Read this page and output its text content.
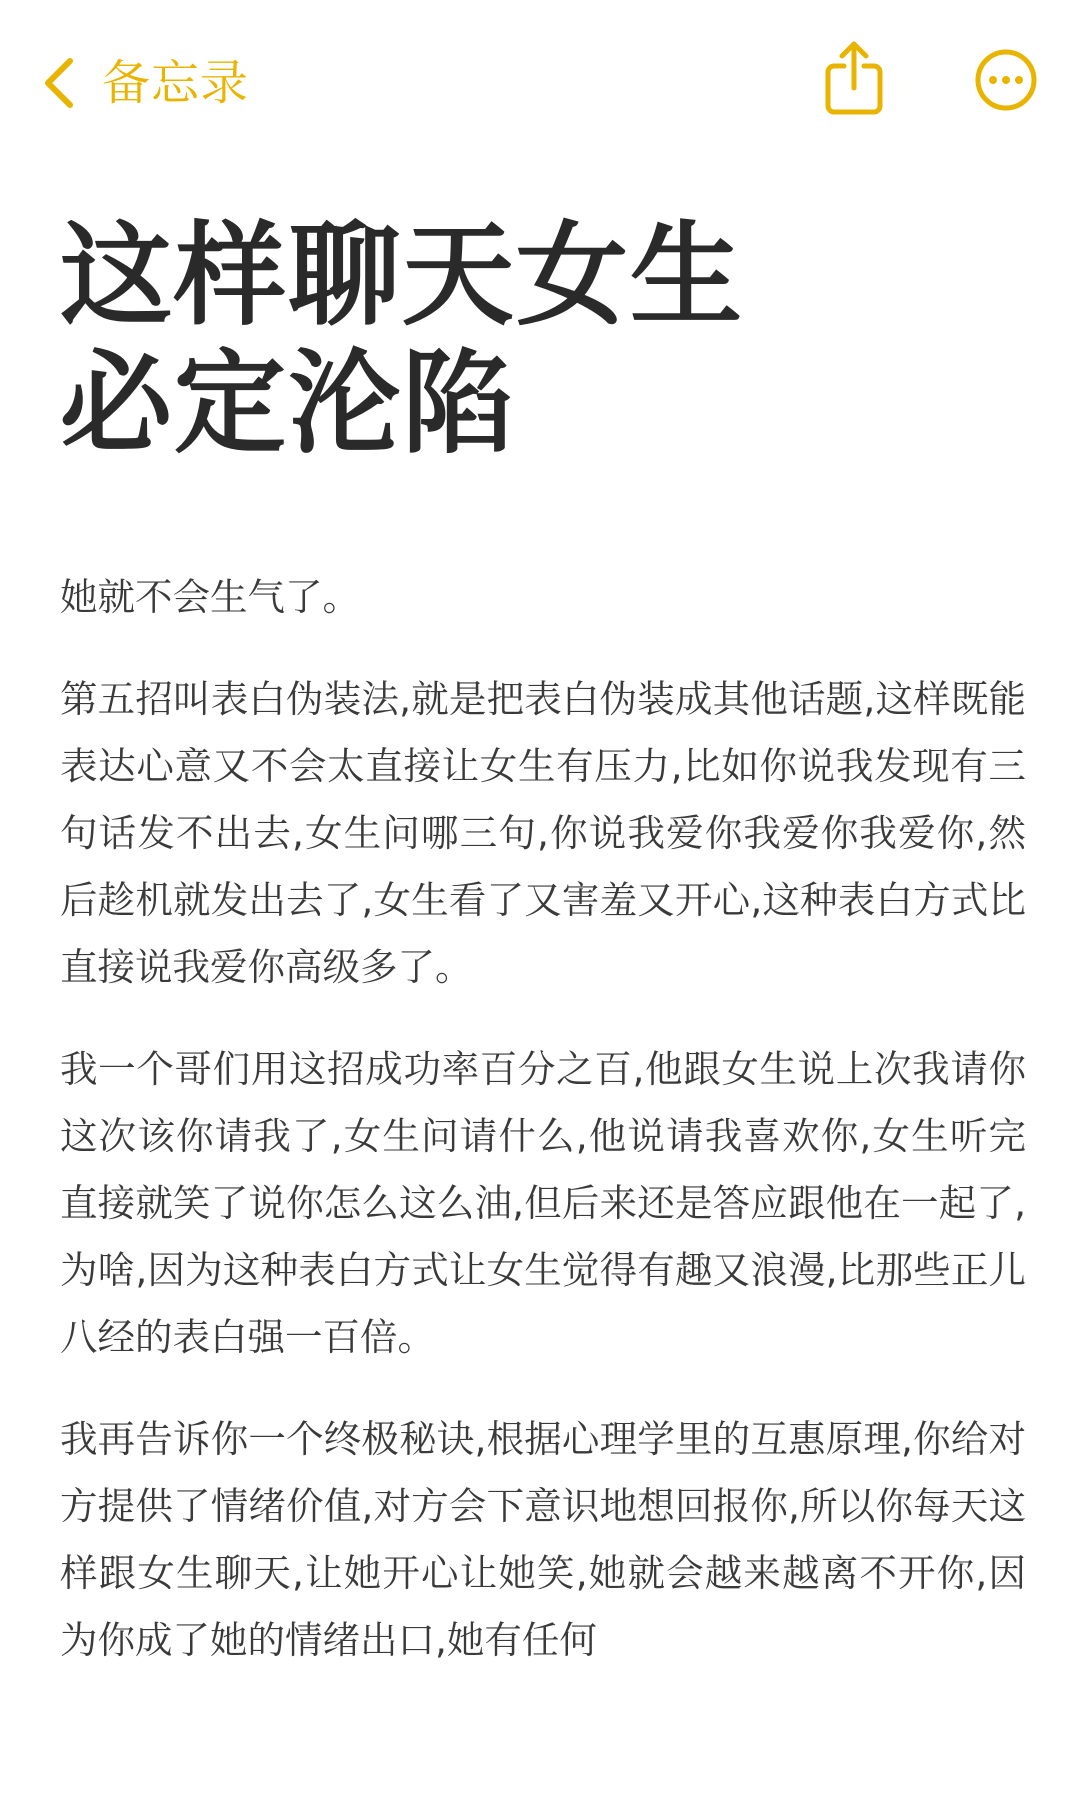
备忘录
这样聊天女生
必定沦陷

她就不会生气了。

第五招叫表白伪装法,就是把表白伪装成其他话题,这样既能表达心意又不会太直接让女生有压力,比如你说我发现有三句话发不出去,女生问哪三句,你说我爱你我爱你我爱你,然后趁机就发出去了,女生看了又害羞又开心,这种表白方式比直接说我爱你高级多了。

我一个哥们用这招成功率百分之百,他跟女生说上次我请你这次该你请我了,女生问请什么,他说请我喜欢你,女生听完直接就笑了说你怎么这么油,但后来还是答应跟他在一起了,为啥,因为这种表白方式让女生觉得有趣又浪漫,比那些正儿八经的表白强一百倍。

我再告诉你一个终极秘诀,根据心理学里的互惠原理,你给对方提供了情绪价值,对方会下意识地想回报你,所以你每天这样跟女生聊天,让她开心让她笑,她就会越来越离不开你,因为你成了她的情绪出口,她有任何
